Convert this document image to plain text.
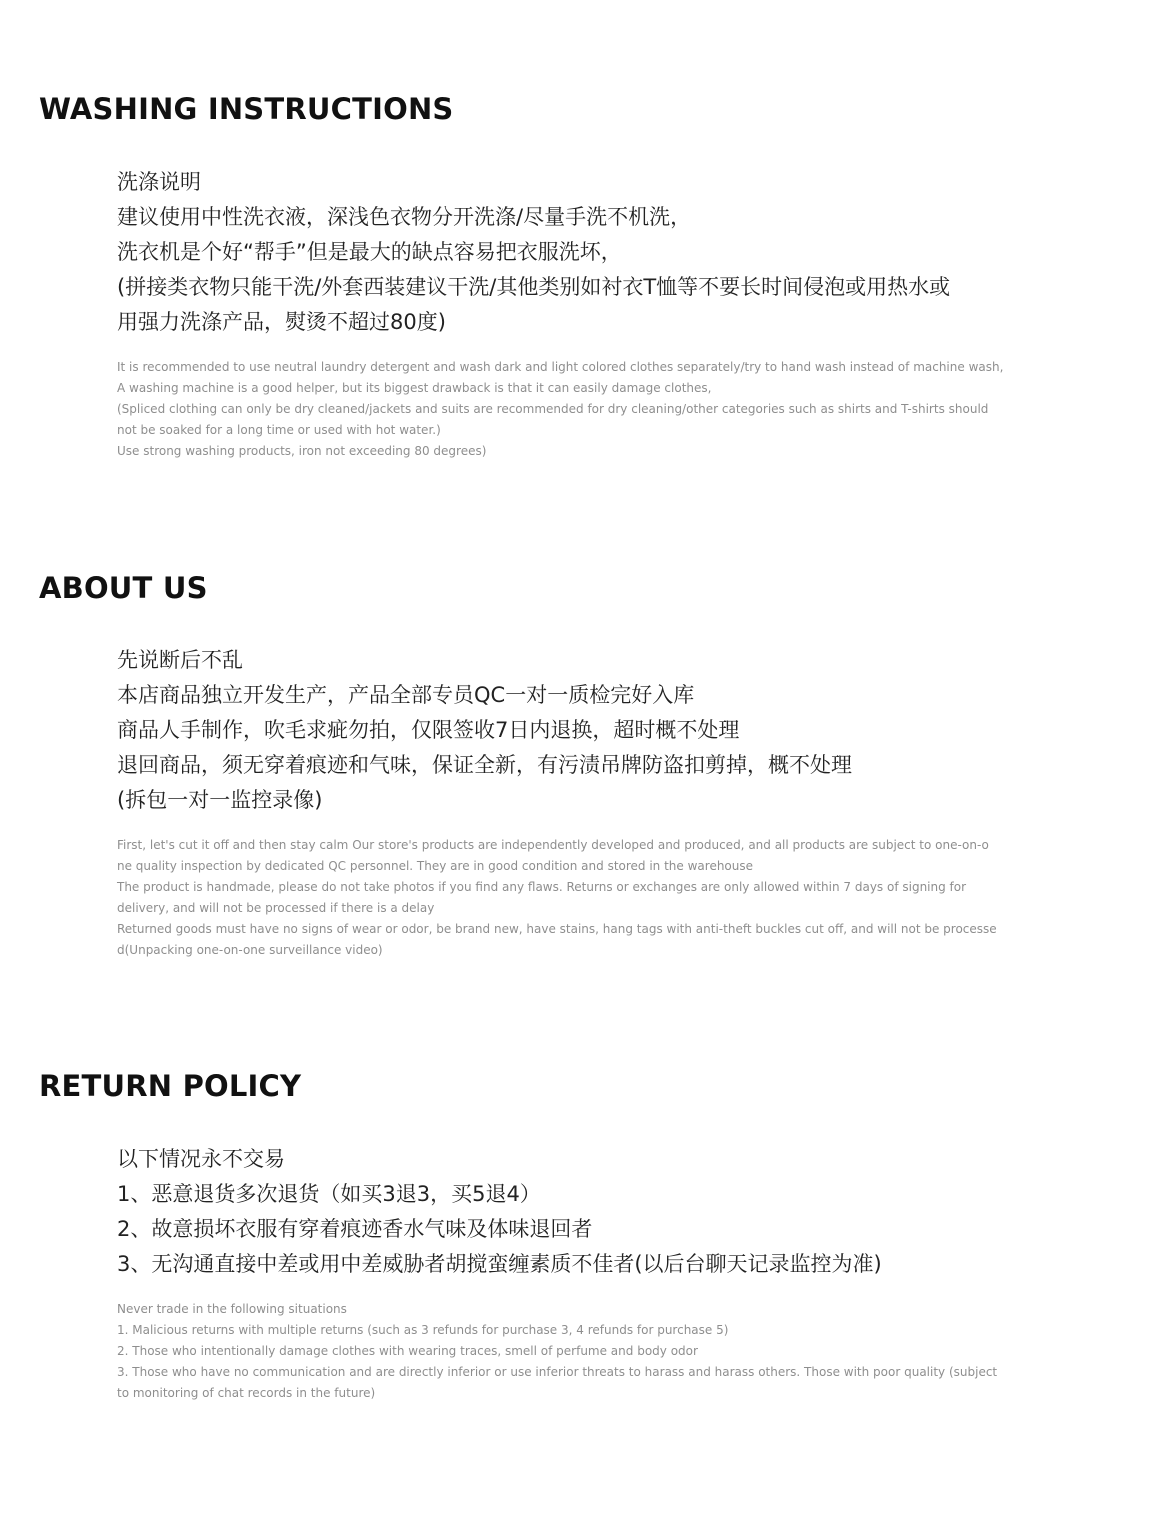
WASHING INSTRUCTIONS
洗涤说明
建议使用中性洗衣液，深浅色衣物分开洗涤/尽量手洗不机洗，
洗衣机是个好“帮手”但是最大的缺点容易把衣服洗坏，
(拼接类衣物只能干洗/外套西装建议干洗/其他类别如衬衣T恤等不要长时间侵泡或用热水或
用强力洗涤产品，熨烫不超过80度)
It is recommended to use neutral laundry detergent and wash dark and light colored clothes separately/try to hand wash instead of machine wash,
A washing machine is a good helper, but its biggest drawback is that it can easily damage clothes,
(Spliced clothing can only be dry cleaned/jackets and suits are recommended for dry cleaning/other categories such as shirts and T-shirts should
not be soaked for a long time or used with hot water.)
Use strong washing products, iron not exceeding 80 degrees)
ABOUT US
先说断后不乱
本店商品独立开发生产，产品全部专员QC一对一质检完好入库
商品人手制作，吹毛求疵勿拍，仅限签收7日内退换，超时概不处理
退回商品，须无穿着痕迹和气味，保证全新，有污渍吊牌防盗扣剪掉，概不处理
(拆包一对一监控录像)
First, let's cut it off and then stay calm Our store's products are independently developed and produced, and all products are subject to one-on-o
ne quality inspection by dedicated QC personnel. They are in good condition and stored in the warehouse
The product is handmade, please do not take photos if you find any flaws. Returns or exchanges are only allowed within 7 days of signing for
delivery, and will not be processed if there is a delay
Returned goods must have no signs of wear or odor, be brand new, have stains, hang tags with anti-theft buckles cut off, and will not be processe
d(Unpacking one-on-one surveillance video)
RETURN POLICY
以下情况永不交易
1、恶意退货多次退货（如买3退3，买5退4）
2、故意损坏衣服有穿着痕迹香水气味及体味退回者
3、无沟通直接中差或用中差威胁者胡搅蛮缠素质不佳者(以后台聊天记录监控为准)
Never trade in the following situations
1. Malicious returns with multiple returns (such as 3 refunds for purchase 3, 4 refunds for purchase 5)
2. Those who intentionally damage clothes with wearing traces, smell of perfume and body odor
3. Those who have no communication and are directly inferior or use inferior threats to harass and harass others. Those with poor quality (subject
to monitoring of chat records in the future)
